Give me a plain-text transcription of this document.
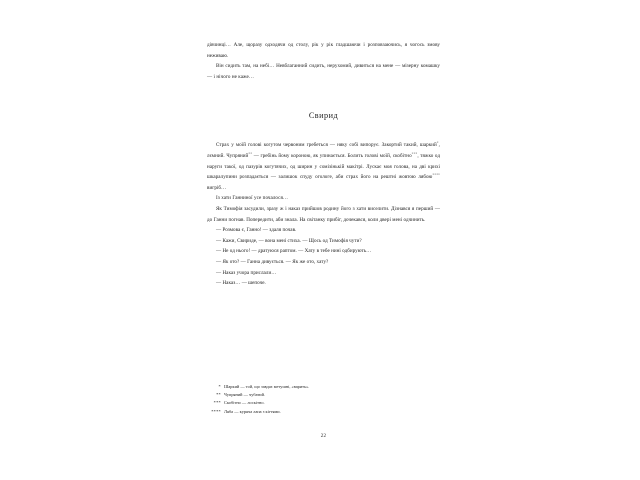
дівчинці… Але, щоразу одходячи од столу, рік у рік гладшаючи і розповзаючись, я чогось змову неживаю.

Він сидить там, на небі… Невблаганний сидить, нерухомий, дивиться на мене — мізерну комашку — і нічого не каже…

Свирид

Страх у моїй голові когутом червоним гребеться — няку собі випорує. Закортий такий, шаркий*, лємний. Чупряний** — гребінь йому короною, як упинається. Болить голові моїй, скобітно***, тяжко од наруги такої, од пазурів когутячих, од ширин у сомізінькій макітрі. Лускає моя голова, на дві крихі шкаралупини розпадається — залишок спуду огологе, аби страх його на рештні жовтою лябою**** вигріб…

Із хати Ганниної усе почалося…

Як Тимофія засудили, зразу ж і наказ прийшов родину його з хати виселити. Дізнався я перший — до Ганни погнав. Попередити, аби знала. На світанку прибіг, дочекався, коли двері мені одчинить.

— Розмова є, Ганно! — здаля почав.

— Кажи, Свириде, — вона мені стиха. — Щось од Тимофія чути?

— Не од нього! — дратуюся раптом. — Хату в тебе нині одбирують…

— Як ото? — Ганна дивується. — Як же ото, хату?

— Наказ учора прислали…

— Наказ… — шепоче.

* Шаркий — той, що завдає метушні, «варить».
** Чупряний — чубатий.
*** Скобітно — лоскітно.
**** Ляба — куряча лапа з кігтями.
22
